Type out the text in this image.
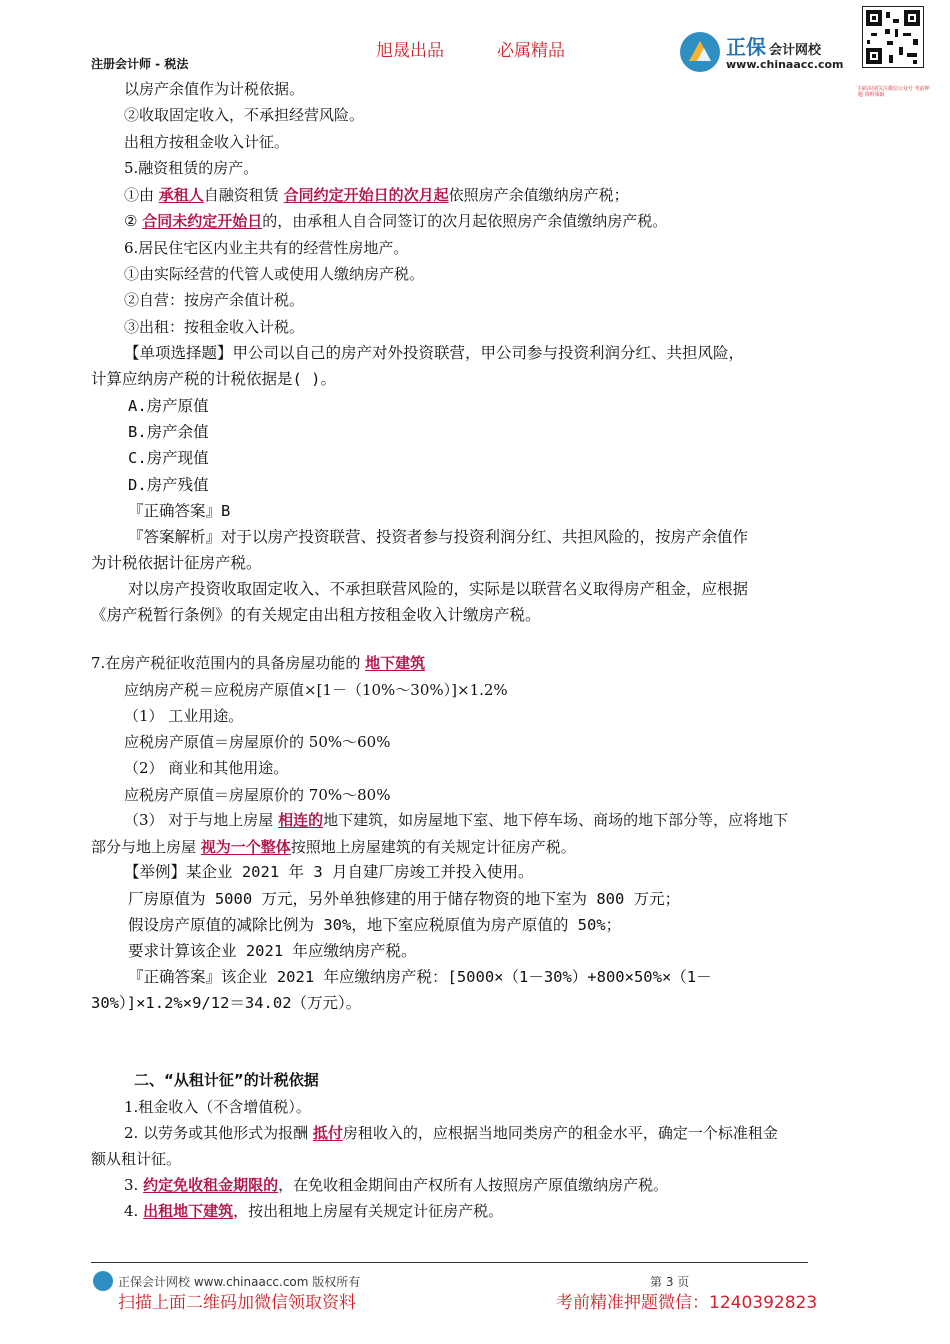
旭晟出品	必属精品
注册会计师 - 税法
正保 会计网校
www.chinaacc.com
扫码识别关注微信公众号 考前押题 资料领取
以房产余值作为计税依据。
②收取固定收入，不承担经营风险。
出租方按租金收入计征。
5.融资租赁的房产。
①由 承租人自融资租赁 合同约定开始日的次月起依照房产余值缴纳房产税；
② 合同未约定开始日的，由承租人自合同签订的次月起依照房产余值缴纳房产税。
6.居民住宅区内业主共有的经营性房地产。
①由实际经营的代管人或使用人缴纳房产税。
②自营：按房产余值计税。
③出租：按租金收入计税。
【单项选择题】甲公司以自己的房产对外投资联营，甲公司参与投资利润分红、共担风险，
计算应纳房产税的计税依据是( )。
A.房产原值
B.房产余值
C.房产现值
D.房产残值
『正确答案』B
『答案解析』对于以房产投资联营、投资者参与投资利润分红、共担风险的，按房产余值作
为计税依据计征房产税。
对以房产投资收取固定收入、不承担联营风险的，实际是以联营名义取得房产租金，应根据
《房产税暂行条例》的有关规定由出租方按租金收入计缴房产税。
7.在房产税征收范围内的具备房屋功能的 地下建筑
应纳房产税＝应税房产原值×[1－（10%～30%）]×1.2%
（1） 工业用途。
应税房产原值＝房屋原价的 50%～60%
（2） 商业和其他用途。
应税房产原值＝房屋原价的 70%～80%
（3） 对于与地上房屋 相连的地下建筑，如房屋地下室、地下停车场、商场的地下部分等，应将地下
部分与地上房屋 视为一个整体按照地上房屋建筑的有关规定计征房产税。
【举例】某企业 2021 年 3 月自建厂房竣工并投入使用。
厂房原值为 5000 万元，另外单独修建的用于储存物资的地下室为 800 万元；
假设房产原值的减除比例为 30%，地下室应税原值为房产原值的 50%；
要求计算该企业 2021 年应缴纳房产税。
『正确答案』该企业 2021 年应缴纳房产税：[5000×（1－30%）+800×50%×（1－
30%）]×1.2%×9/12＝34.02（万元）。
二、“从租计征”的计税依据
1.租金收入（不含增值税）。
2. 以劳务或其他形式为报酬 抵付房租收入的，应根据当地同类房产的租金水平，确定一个标准租金
额从租计征。
3. 约定免收租金期限的，在免收租金期间由产权所有人按照房产原值缴纳房产税。
4. 出租地下建筑，按出租地上房屋有关规定计征房产税。
正保会计网校 www.chinaacc.com 版权所有	第 3 页
扫描上面二维码加微信领取资料	考前精准押题微信：1240392823
